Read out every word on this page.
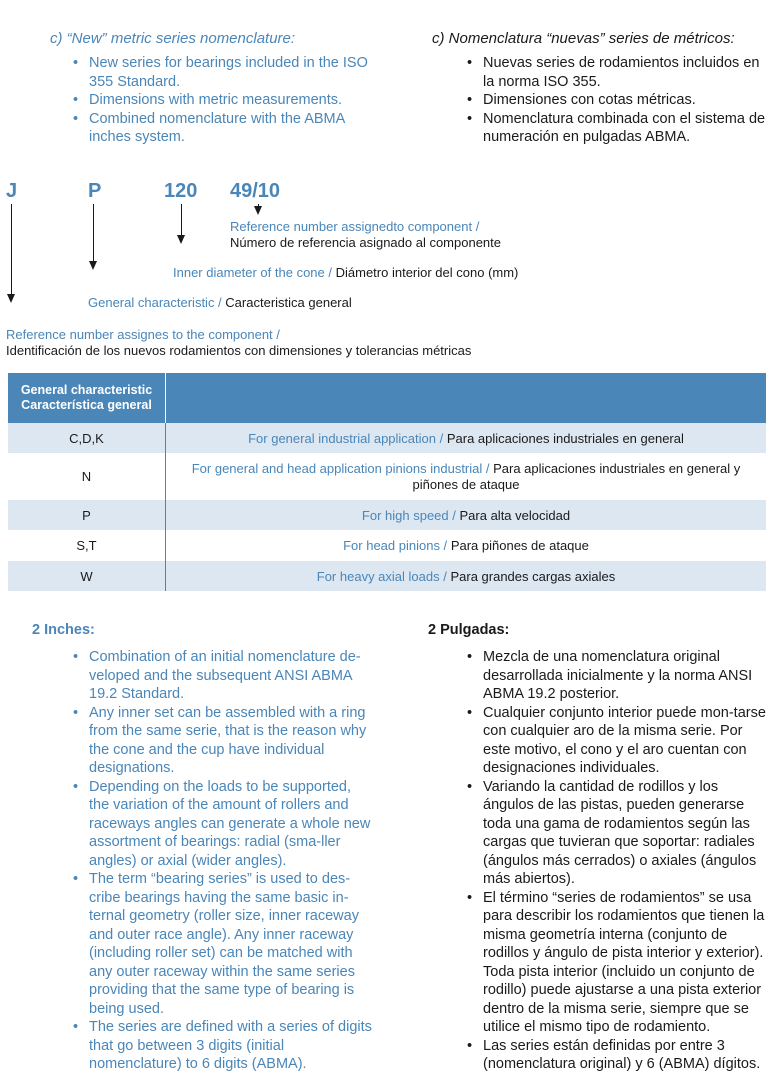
c) “New” metric series nomenclature:
• New series for bearings included in the ISO 355 Standard.
• Dimensions with metric measurements.
• Combined nomenclature with the ABMA inches system.
c) Nomenclatura “nuevas” series de métricos:
• Nuevas series de rodamientos incluidos en la norma ISO 355.
• Dimensiones con cotas métricas.
• Nomenclatura combinada con el sistema de numeración en pulgadas ABMA.
J	P	120 49/10
Reference number assignedto component /
Número de referencia asignado al componente
Inner diameter of the cone / Diámetro interior del cono (mm)
General characteristic / Caracteristica general
Reference number assignes to the component /
Identificación de los nuevos rodamientos con dimensiones y tolerancias métricas
General characteristic
Característica general	
C,D,K	For general industrial application / Para aplicaciones industriales en general
N	For general and head application pinions industrial / Para aplicaciones industriales en general y piñones de ataque
P	For high speed / Para alta velocidad
S,T	For head pinions / Para piñones de ataque
W	For heavy axial loads / Para grandes cargas axiales
2 Inches:
• Combination of an initial nomenclature de-veloped and the subsequent ANSI ABMA 19.2 Standard.
• Any inner set can be assembled with a ring from the same serie, that is the reason why the cone and the cup have individual designations.
• Depending on the loads to be supported, the variation of the amount of rollers and raceways angles can generate a whole new assortment of bearings: radial (sma-ller angles) or axial (wider angles).
• The term “bearing series” is used to des-cribe bearings having the same basic in-ternal geometry (roller size, inner raceway and outer race angle). Any inner raceway (including roller set) can be matched with any outer raceway within the same series providing that the same type of bearing is being used.
• The series are defined with a series of digits that go between 3 digits (initial nomenclature) to 6 digits (ABMA).
2 Pulgadas:
• Mezcla de una nomenclatura original desarrollada inicialmente y la norma ANSI ABMA 19.2 posterior.
• Cualquier conjunto interior puede mon-tarse con cualquier aro de la misma serie. Por este motivo, el cono y el aro cuentan con designaciones individuales.
• Variando la cantidad de rodillos y los ángulos de las pistas, pueden generarse toda una gama de rodamientos según las cargas que tuvieran que soportar: radiales (ángulos más cerrados) o axiales (ángulos más abiertos).
• El término “series de rodamientos” se usa para describir los rodamientos que tienen la misma geometría interna (conjunto de rodillos y ángulo de pista interior y exterior). Toda pista interior (incluido un conjunto de rodillo) puede ajustarse a una pista exterior dentro de la misma serie, siempre que se utilice el mismo tipo de rodamiento.
• Las series están definidas por entre 3 (nomenclatura original) y 6 (ABMA) dígitos.
